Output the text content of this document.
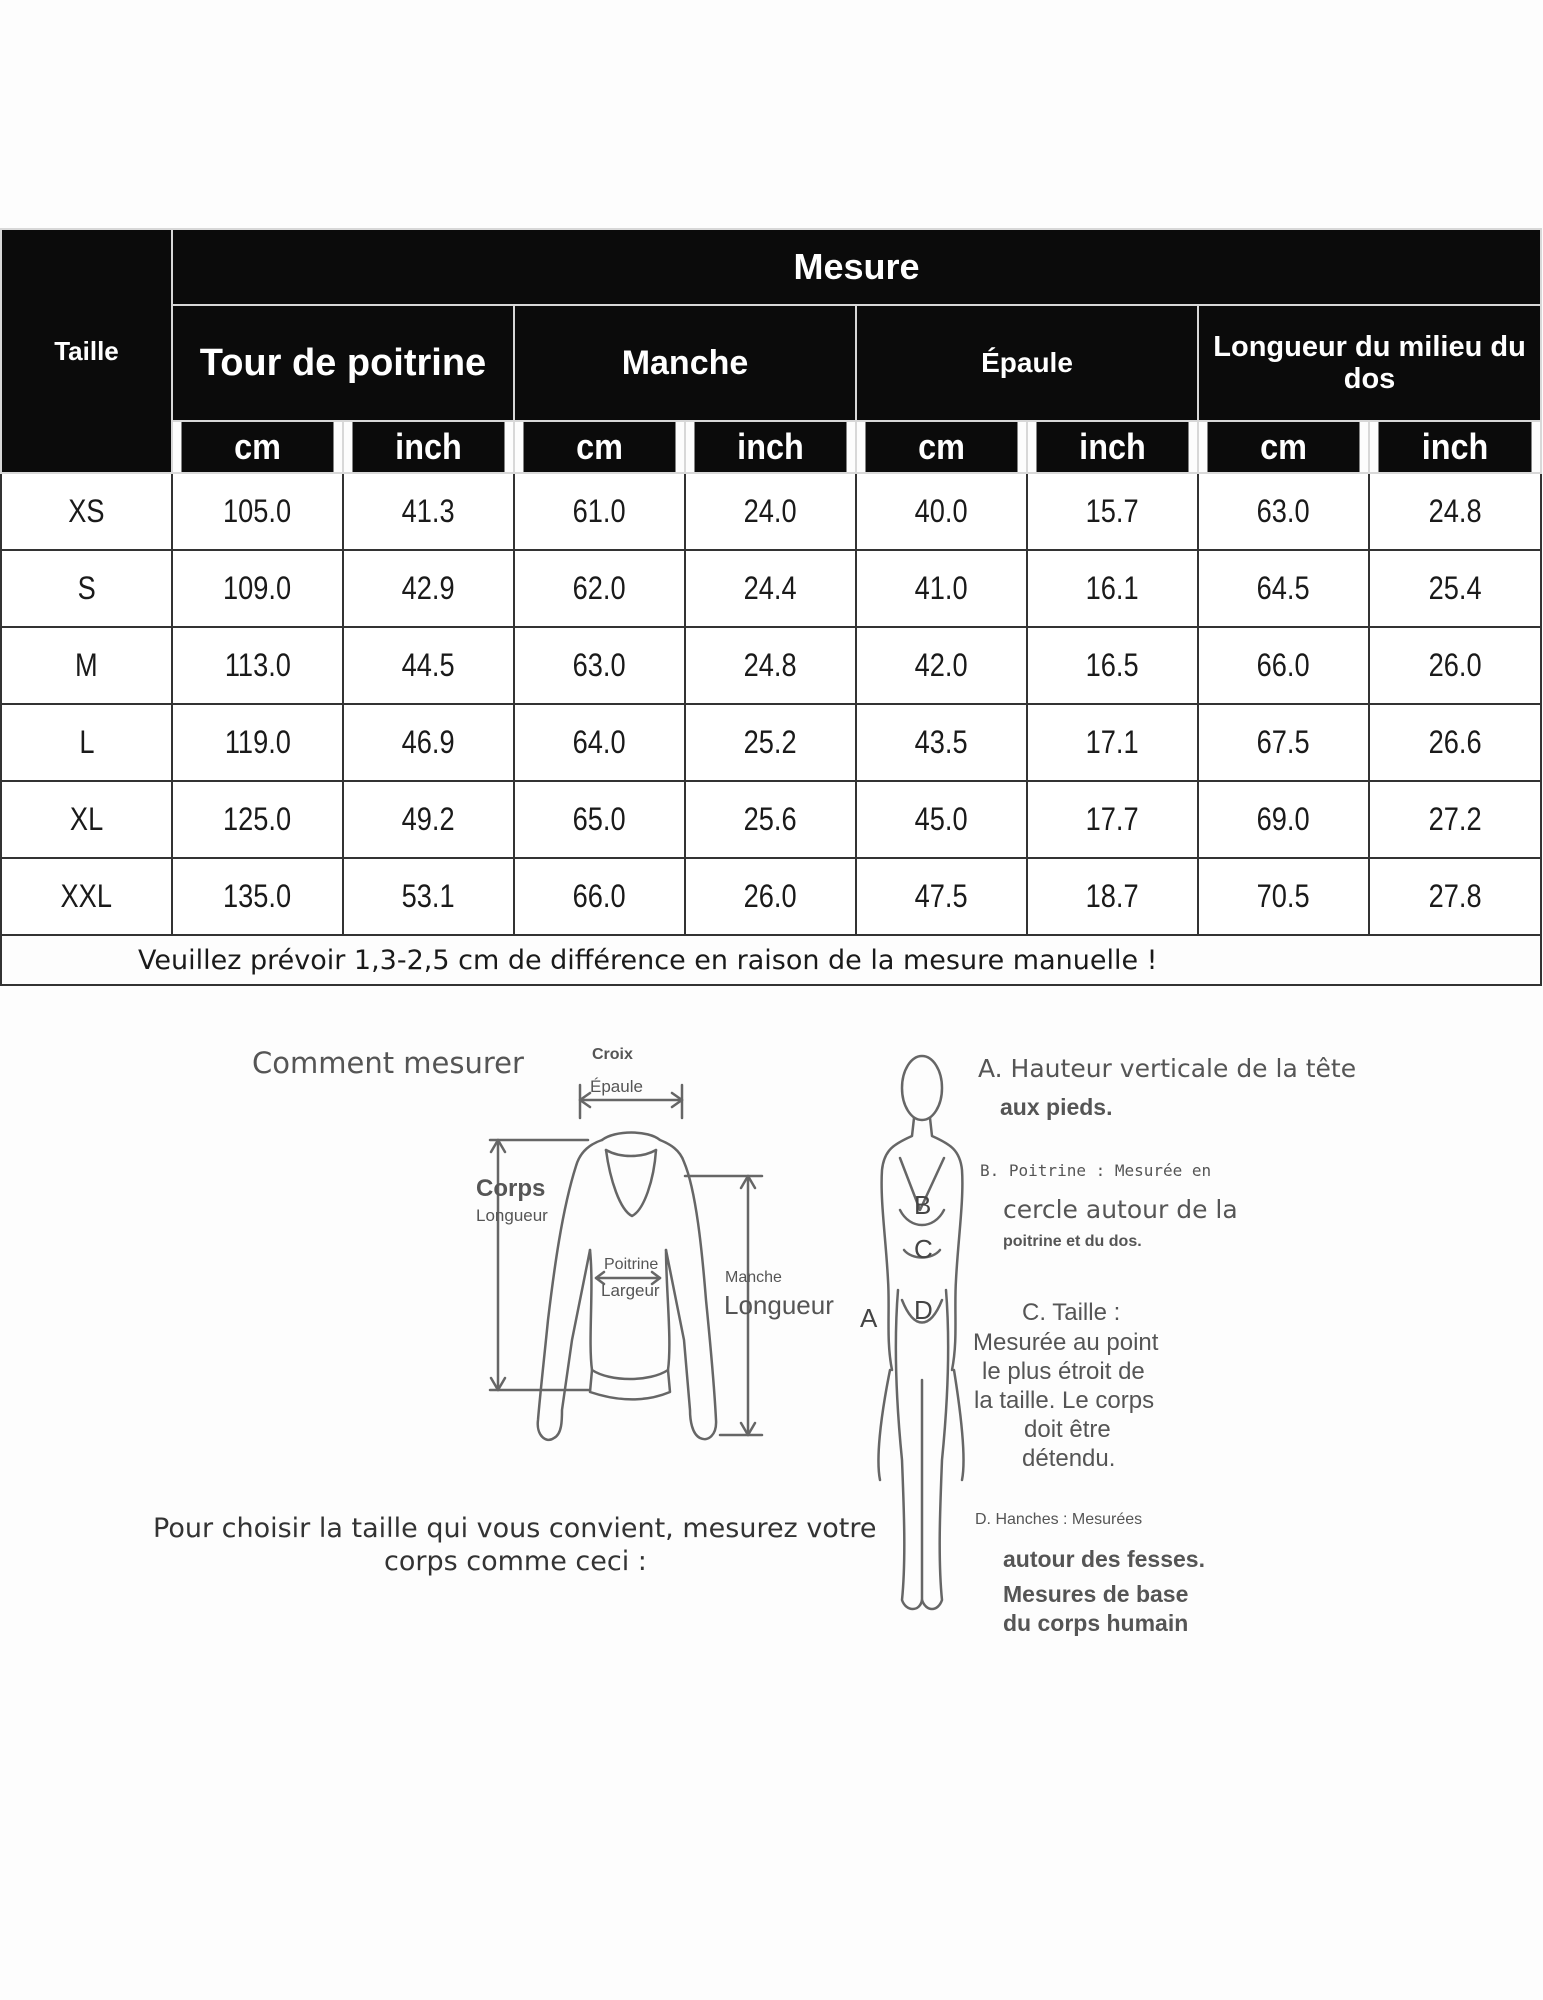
Taille	Mesure							
	Tour de poitrine		Manche		Épaule		Longueur du milieu du dos	
	cm	inch	cm	inch	cm	inch	cm	inch
XS	105.0	41.3	61.0	24.0	40.0	15.7	63.0	24.8
S	109.0	42.9	62.0	24.4	41.0	16.1	64.5	25.4
M	113.0	44.5	63.0	24.8	42.0	16.5	66.0	26.0
L	119.0	46.9	64.0	25.2	43.5	17.1	67.5	26.6
XL	125.0	49.2	65.0	25.6	45.0	17.7	69.0	27.2
XXL	135.0	53.1	66.0	26.0	47.5	18.7	70.5	27.8
Veuillez prévoir 1,3-2,5 cm de différence en raison de la mesure manuelle !								
Comment mesurer	Croix
Épaule
Corps
Longueur
Poitrine
Largeur
Manche
Longueur
Pour choisir la taille qui vous convient, mesurez votre
corps comme ceci :
B
C
A D
A. Hauteur verticale de la tête
aux pieds.
B. Poitrine : Mesurée en
cercle autour de la
poitrine et du dos.
C. Taille :
Mesurée au point
le plus étroit de
la taille. Le corps
doit être
détendu.
D. Hanches : Mesurées
autour des fesses.
Mesures de base
du corps humain
